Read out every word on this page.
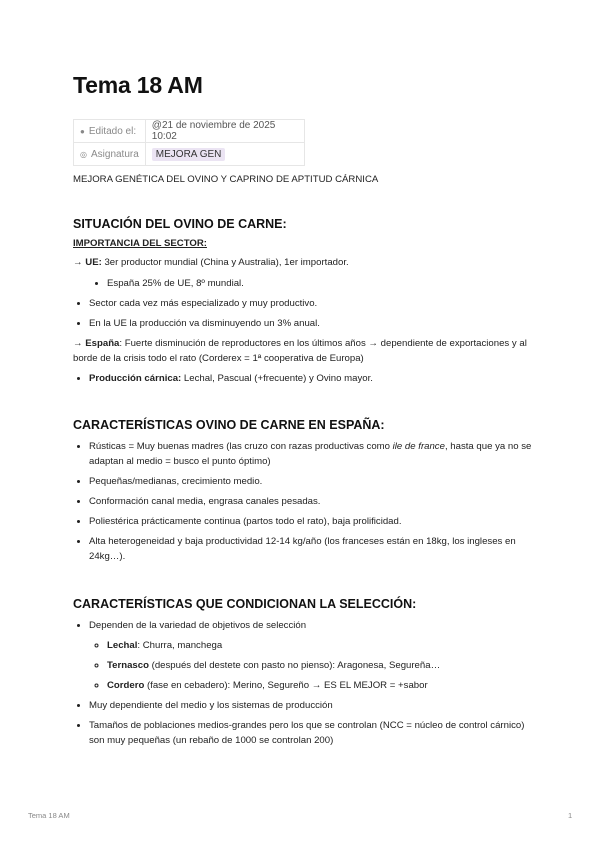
Tema 18 AM
● Editado el:	@21 de noviembre de 2025 10:02
◎ Asignatura	MEJORA GEN
MEJORA GENÉTICA DEL OVINO Y CAPRINO DE APTITUD CÁRNICA
SITUACIÓN DEL OVINO DE CARNE:
IMPORTANCIA DEL SECTOR:

→ UE: 3er productor mundial (China y Australia), 1er importador.

• España 25% de UE, 8º mundial.
• Sector cada vez más especializado y muy productivo.
• En la UE la producción va disminuyendo un 3% anual.

→ España: Fuerte disminución de reproductores en los últimos años → dependiente de exportaciones y al borde de la crisis todo el rato (Corderex = 1ª cooperativa de Europa)

• Producción cárnica: Lechal, Pascual (+frecuente) y Ovino mayor.
CARACTERÍSTICAS OVINO DE CARNE EN ESPAÑA:
• Rústicas = Muy buenas madres (las cruzo con razas productivas como ile de france, hasta que ya no se adaptan al medio = busco el punto óptimo)
• Pequeñas/medianas, crecimiento medio.
• Conformación canal media, engrasa canales pesadas.
• Poliestérica prácticamente continua (partos todo el rato), baja prolificidad.
• Alta heterogeneidad y baja productividad 12-14 kg/año (los franceses están en 18kg, los ingleses en 24kg…).
CARACTERÍSTICAS QUE CONDICIONAN LA SELECCIÓN:
• Dependen de la variedad de objetivos de selección
◦ Lechal: Churra, manchega
◦ Ternasco (después del destete con pasto no pienso): Aragonesa, Segureña…
◦ Cordero (fase en cebadero): Merino, Segureño → ES EL MEJOR = +sabor
• Muy dependiente del medio y los sistemas de producción
• Tamaños de poblaciones medios-grandes pero los que se controlan (NCC = núcleo de control cárnico) son muy pequeñas (un rebaño de 1000 se controlan 200)
Tema 18 AM	1
